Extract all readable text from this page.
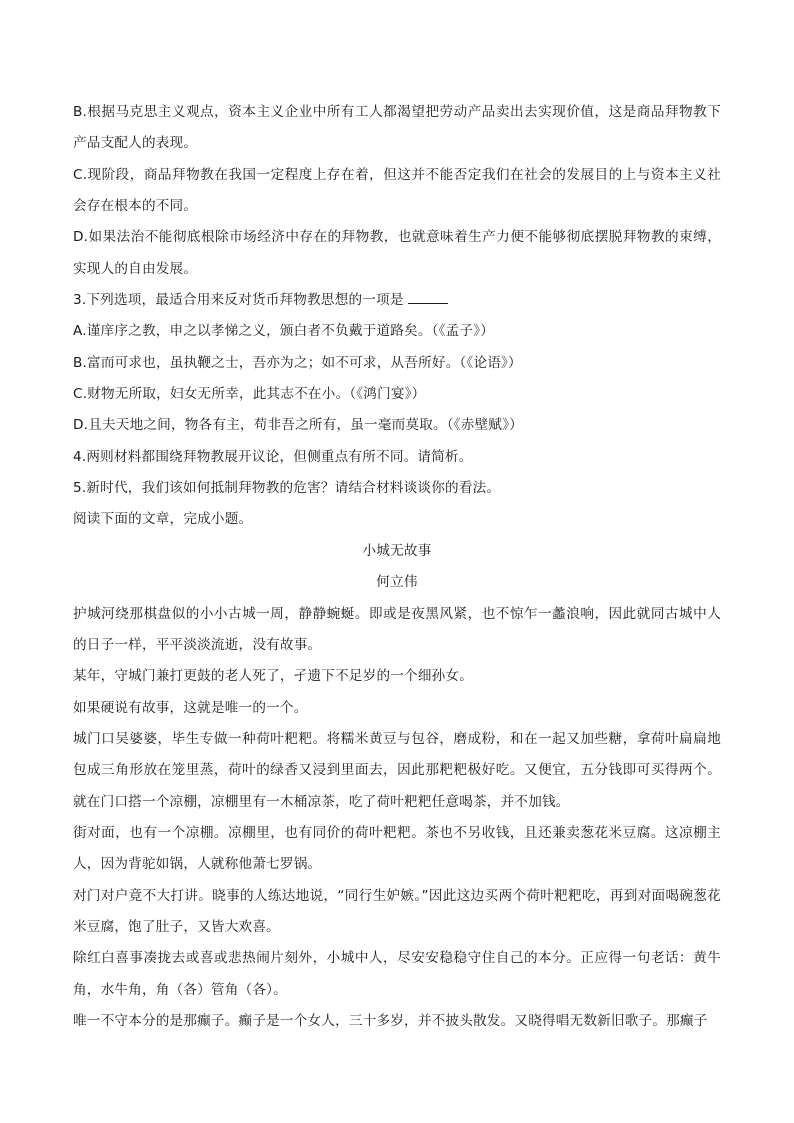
B.根据马克思主义观点，资本主义企业中所有工人都渴望把劳动产品卖出去实现价值，这是商品拜物教下产品支配人的表现。

C.现阶段，商品拜物教在我国一定程度上存在着，但这并不能否定我们在社会的发展目的上与资本主义社会存在根本的不同。

D.如果法治不能彻底根除市场经济中存在的拜物教，也就意味着生产力便不能够彻底摆脱拜物教的束缚，实现人的自由发展。

3.下列选项，最适合用来反对货币拜物教思想的一项是

A.谨庠序之教，申之以孝悌之义，颁白者不负戴于道路矣。（《孟子》）

B.富而可求也，虽执鞭之士，吾亦为之；如不可求，从吾所好。（《论语》）

C.财物无所取，妇女无所幸，此其志不在小。（《鸿门宴》）

D.且夫天地之间，物各有主，苟非吾之所有，虽一毫而莫取。（《赤壁赋》）

4.两则材料都围绕拜物教展开议论，但侧重点有所不同。请简析。

5.新时代，我们该如何抵制拜物教的危害？请结合材料谈谈你的看法。

阅读下面的文章，完成小题。

小城无故事

何立伟

护城河绕那棋盘似的小小古城一周，静静蜿蜒。即或是夜黑风紧，也不惊乍一蠡浪响，因此就同古城中人的日子一样，平平淡淡流逝，没有故事。

某年，守城门兼打更鼓的老人死了，孑遗下不足岁的一个细孙女。

如果硬说有故事，这就是唯一的一个。

城门口吴婆婆，毕生专做一种荷叶粑粑。将糯米黄豆与包谷，磨成粉，和在一起又加些糖，拿荷叶扁扁地包成三角形放在笼里蒸，荷叶的绿香又浸到里面去，因此那粑粑极好吃。又便宜，五分钱即可买得两个。就在门口搭一个凉棚，凉棚里有一木桶凉茶，吃了荷叶粑粑任意喝茶，并不加钱。

街对面，也有一个凉棚。凉棚里，也有同价的荷叶粑粑。茶也不另收钱，且还兼卖葱花米豆腐。这凉棚主人，因为背驼如锅，人就称他萧七罗锅。

对门对户竟不大打讲。晓事的人练达地说，“同行生妒嫉。”因此这边买两个荷叶粑粑吃，再到对面喝碗葱花米豆腐，饱了肚子，又皆大欢喜。

除红白喜事凑拢去或喜或悲热闹片刻外，小城中人，尽安安稳稳守住自己的本分。正应得一句老话：黄牛角，水牛角，角（各）管角（各）。

唯一不守本分的是那癫子。癫子是一个女人，三十多岁，并不披头散发。又晓得唱无数新旧歌子。那癫子
